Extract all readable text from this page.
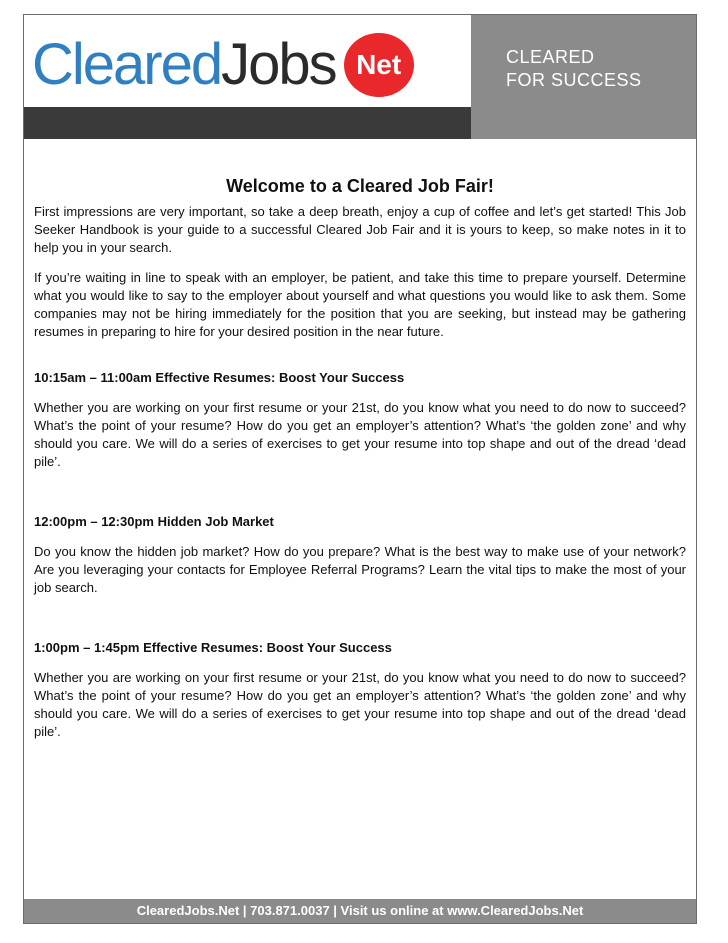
Cleared Jobs Net	CLEARED
FOR SUCCESS

Welcome to a Cleared Job Fair!

First impressions are very important, so take a deep breath, enjoy a cup of coffee and let’s get started! This Job Seeker Handbook is your guide to a successful Cleared Job Fair and it is yours to keep, so make notes in it to help you in your search.

If you’re waiting in line to speak with an employer, be patient, and take this time to prepare yourself. Determine what you would like to say to the employer about yourself and what questions you would like to ask them. Some companies may not be hiring immediately for the position that you are seeking, but instead may be gathering resumes in preparing to hire for your desired position in the near future.

10:15am – 11:00am Effective Resumes: Boost Your Success

Whether you are working on your first resume or your 21st, do you know what you need to do now to succeed? What’s the point of your resume? How do you get an employer’s attention? What’s ‘the golden zone’ and why should you care. We will do a series of exercises to get your resume into top shape and out of the dread ‘dead pile’.

12:00pm – 12:30pm Hidden Job Market

Do you know the hidden job market? How do you prepare? What is the best way to make use of your network? Are you leveraging your contacts for Employee Referral Programs? Learn the vital tips to make the most of your job search.

1:00pm – 1:45pm Effective Resumes: Boost Your Success

Whether you are working on your first resume or your 21st, do you know what you need to do now to succeed? What’s the point of your resume? How do you get an employer’s attention? What’s ‘the golden zone’ and why should you care. We will do a series of exercises to get your resume into top shape and out of the dread ‘dead pile’.

ClearedJobs.Net | 703.871.0037 | Visit us online at www.ClearedJobs.Net
